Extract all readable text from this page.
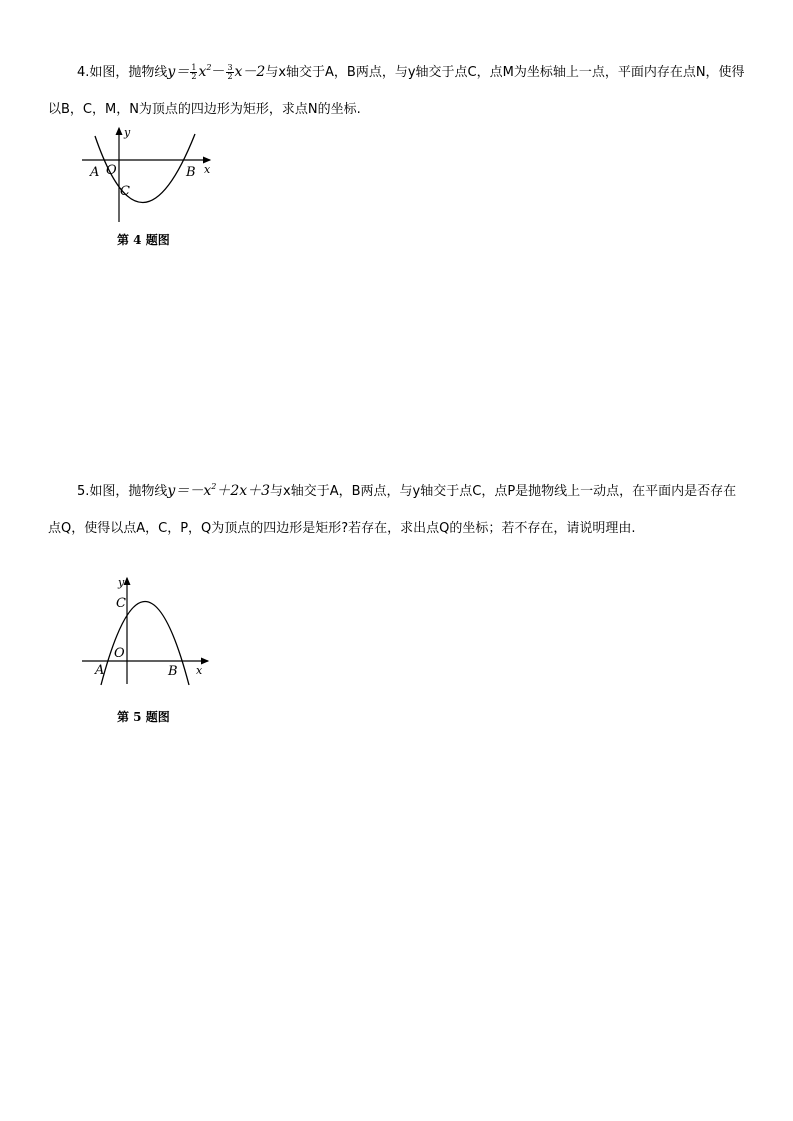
4.如图，抛物线$y= \frac{1}{2} x^2- \frac{3}{2} x-2$与x轴交于A，B两点，与y轴交于点C，点M为坐标轴上一点，平面内存在点N，使得以B，C，M，N为顶点的四边形为矩形，求点N的坐标.
y
x
A O
C
B
第 4 题图
5.如图，抛物线$y=-x^2+2x+3$与x轴交于A，B两点，与y轴交于点C，点P是抛物线上一动点，在平面内是否存在点Q，使得以点A，C，P，Q为顶点的四边形是矩形?若存在，求出点Q的坐标；若不存在，请说明理由.
y
x
C
O
A	B
第 5 题图
